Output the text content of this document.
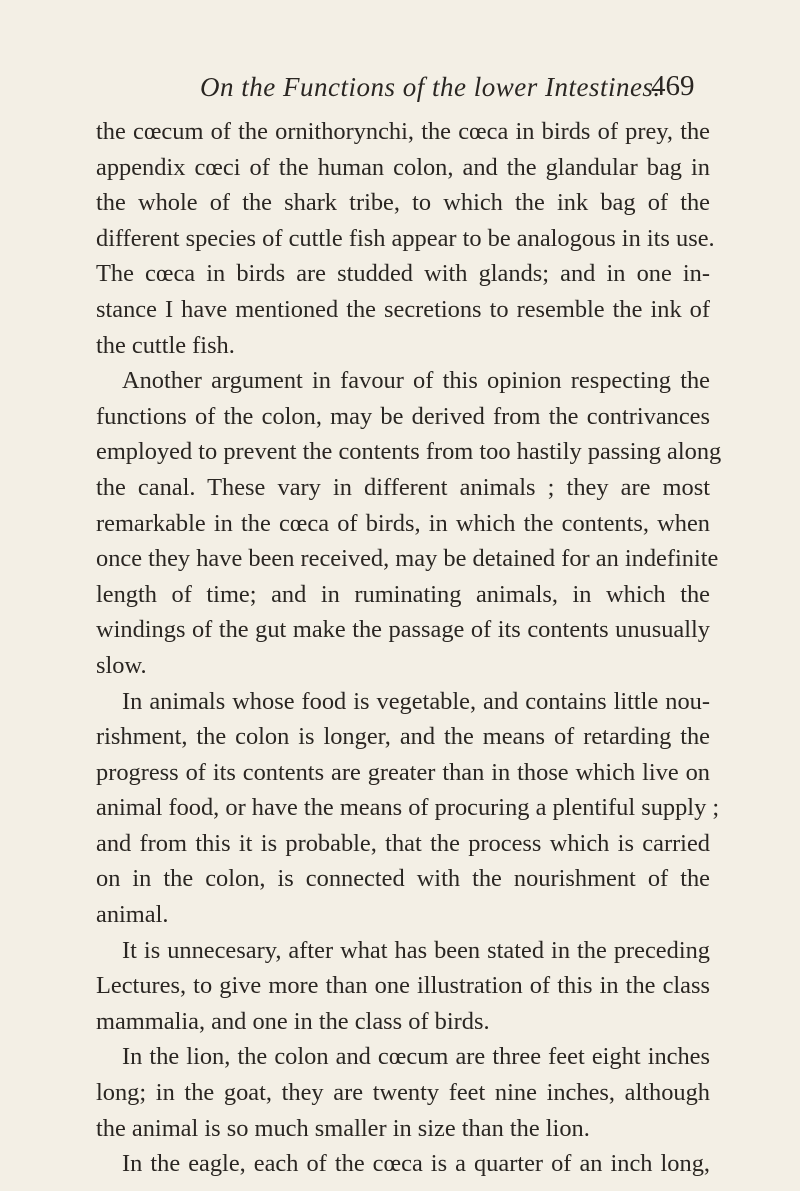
On the Functions of the lower Intestines.
469
the cœcum of the ornithorynchi, the cœca in birds of prey, the
appendix cœci of the human colon, and the glandular bag in
the whole of the shark tribe, to which the ink bag of the
different species of cuttle fish appear to be analogous in its use.
The cœca in birds are studded with glands; and in one in-
stance I have mentioned the secretions to resemble the ink of
the cuttle fish.
Another argument in favour of this opinion respecting the
functions of the colon, may be derived from the contrivances
employed to prevent the contents from too hastily passing along
the canal. These vary in different animals ; they are most
remarkable in the cœca of birds, in which the contents, when
once they have been received, may be detained for an indefinite
length of time; and in ruminating animals, in which the
windings of the gut make the passage of its contents unusually
slow.
In animals whose food is vegetable, and contains little nou-
rishment, the colon is longer, and the means of retarding the
progress of its contents are greater than in those which live on
animal food, or have the means of procuring a plentiful supply ;
and from this it is probable, that the process which is carried
on in the colon, is connected with the nourishment of the
animal.
It is unnecesary, after what has been stated in the preceding
Lectures, to give more than one illustration of this in the class
mammalia, and one in the class of birds.
In the lion, the colon and cœcum are three feet eight inches
long; in the goat, they are twenty feet nine inches, although
the animal is so much smaller in size than the lion.
In the eagle, each of the cœca is a quarter of an inch long,
